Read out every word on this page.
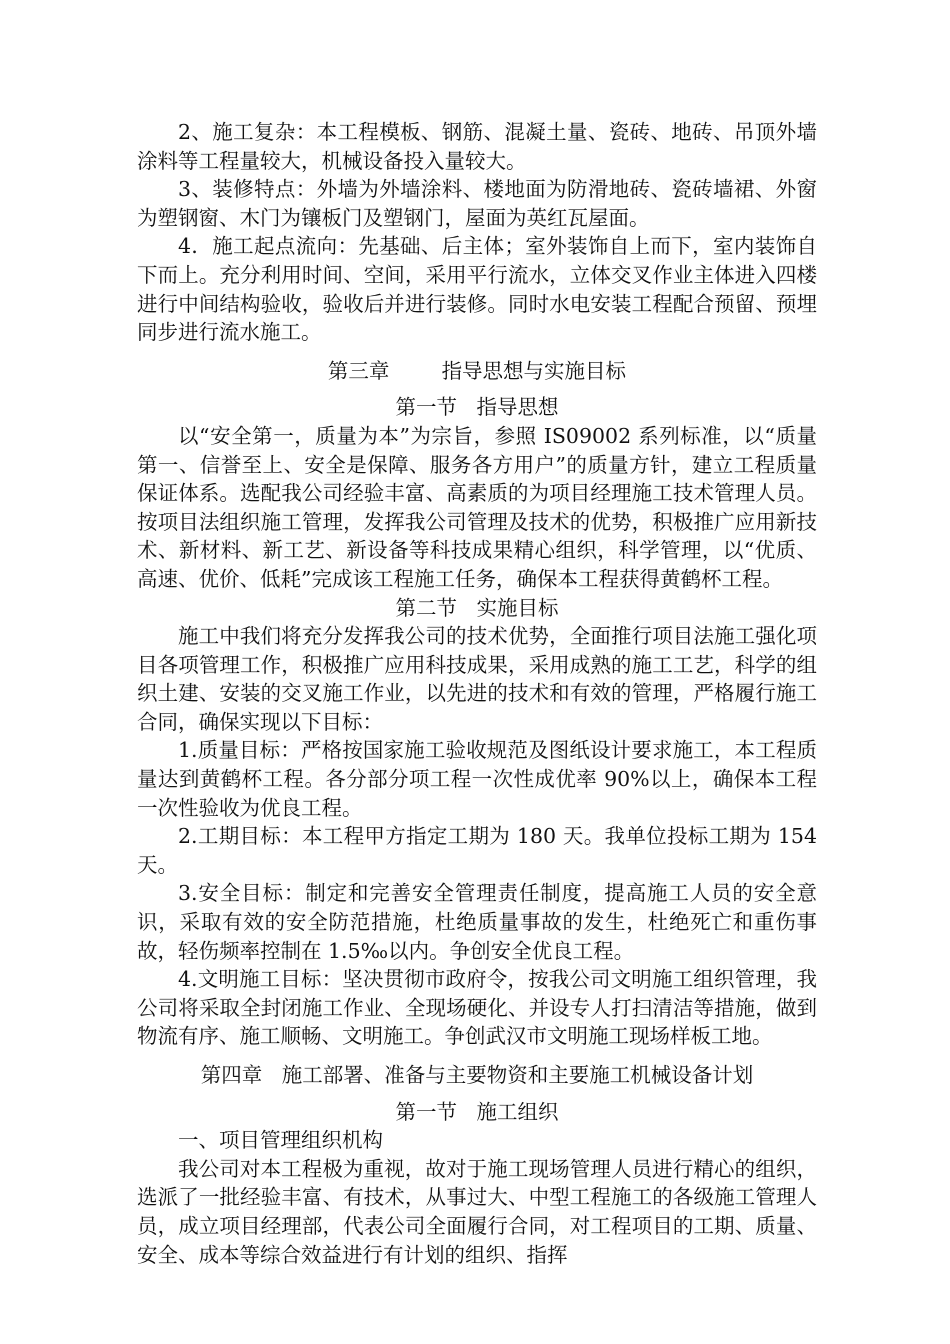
2、施工复杂：本工程模板、钢筋、混凝土量、瓷砖、地砖、吊顶外墙涂料等工程量较大，机械设备投入量较大。

3、装修特点：外墙为外墙涂料、楼地面为防滑地砖、瓷砖墙裙、外窗为塑钢窗、木门为镶板门及塑钢门，屋面为英红瓦屋面。

4．施工起点流向：先基础、后主体；室外装饰自上而下，室内装饰自下而上。充分利用时间、空间，采用平行流水，立体交叉作业主体进入四楼进行中间结构验收，验收后并进行装修。同时水电安装工程配合预留、预埋同步进行流水施工。

第三章	指导思想与实施目标
第一节 指导思想

以“安全第一，质量为本”为宗旨，参照 IS09002 系列标准，以“质量第一、信誉至上、安全是保障、服务各方用户”的质量方针，建立工程质量保证体系。选配我公司经验丰富、高素质的为项目经理施工技术管理人员。按项目法组织施工管理，发挥我公司管理及技术的优势，积极推广应用新技术、新材料、新工艺、新设备等科技成果精心组织，科学管理，以“优质、高速、优价、低耗”完成该工程施工任务，确保本工程获得黄鹤杯工程。

第二节 实施目标

施工中我们将充分发挥我公司的技术优势，全面推行项目法施工强化项目各项管理工作，积极推广应用科技成果，采用成熟的施工工艺，科学的组织土建、安装的交叉施工作业，以先进的技术和有效的管理，严格履行施工合同，确保实现以下目标：

1.质量目标：严格按国家施工验收规范及图纸设计要求施工，本工程质量达到黄鹤杯工程。各分部分项工程一次性成优率 90%以上，确保本工程一次性验收为优良工程。

2.工期目标：本工程甲方指定工期为 180 天。我单位投标工期为 154 天。

3.安全目标：制定和完善安全管理责任制度，提高施工人员的安全意识，采取有效的安全防范措施，杜绝质量事故的发生，杜绝死亡和重伤事故，轻伤频率控制在 1.5‰以内。争创安全优良工程。

4.文明施工目标：坚决贯彻市政府令，按我公司文明施工组织管理，我公司将采取全封闭施工作业、全现场硬化、并设专人打扫清洁等措施，做到物流有序、施工顺畅、文明施工。争创武汉市文明施工现场样板工地。

第四章 施工部署、准备与主要物资和主要施工机械设备计划
第一节 施工组织

一、项目管理组织机构

我公司对本工程极为重视，故对于施工现场管理人员进行精心的组织，选派了一批经验丰富、有技术，从事过大、中型工程施工的各级施工管理人员，成立项目经理部，代表公司全面履行合同，对工程项目的工期、质量、安全、成本等综合效益进行有计划的组织、指挥
